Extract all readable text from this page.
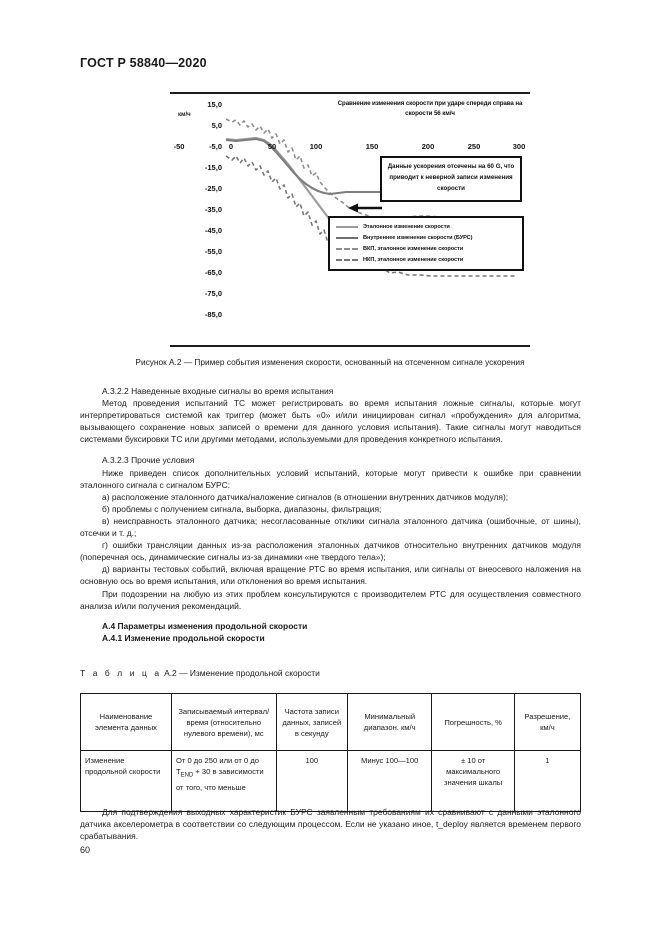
ГОСТ Р 58840—2020
Сравнение изменения скорости при ударе спереди справа на скорости 56 км/ч
км/ч
15,0
5,0
-5,0
-15,0
-25,0
-35,0
-45,0
-55,0
-65,0
-75,0
-85,0
-50	0	50	100	150	200	250	300
Данные ускорения отсечены на 60 G, что приводит к неверной записи изменения скорости
Эталонное изменение скорости
Внутреннее изменение скорости (БУРС)
ВКП, эталонное изменение скорости
НКП, эталонное изменение скорости
Рисунок А.2 — Пример события изменения скорости, основанный на отсеченном сигнале ускорения

А.3.2.2 Наведенные входные сигналы во время испытания

Метод проведения испытаний ТС может регистрировать во время испытания ложные сигналы, которые могут интерпретироваться системой как триггер (может быть «0» и/или инициирован сигнал «пробуждения» для алгоритма, вызывающего сохранение новых записей о времени для данного условия испытания). Такие сигналы могут наводиться системами буксировки ТС или другими методами, используемыми для проведения конкретного испытания.

А.3.2.3 Прочие условия

Ниже приведен список дополнительных условий испытаний, которые могут привести к ошибке при сравнении эталонного сигнала с сигналом БУРС:

а) расположение эталонного датчика/наложение сигналов (в отношении внутренних датчиков модуля);

б) проблемы с получением сигнала, выборка, диапазоны, фильтрация;

в) неисправность эталонного датчика; несогласованные отклики сигнала эталонного датчика (ошибочные, от шины), отсечки и т. д.;

г) ошибки трансляции данных из-за расположения эталонных датчиков относительно внутренних датчиков модуля (поперечная ось, динамические сигналы из-за динамики «не твердого тела»);

д) варианты тестовых событий, включая вращение РТС во время испытания, или сигналы от внеосевого наложения на основную ось во время испытания, или отклонения во время испытания.

При подозрении на любую из этих проблем консультируются с производителем РТС для осуществления совместного анализа и/или получения рекомендаций.

А.4 Параметры изменения продольной скорости

А.4.1 Изменение продольной скорости

Т а б л и ц а А.2 — Изменение продольной скорости
Наименование элемента данных	Записываемый интервал/ время (относительно нулевого времени), мс	Частота записи данных, записей в секунду	Минимальный диапазон. км/ч	Погрешность, %	Разрешение, км/ч
Изменение продольной скорости	От 0 до 250 или от 0 до $T_{END} + 30$ в зависимости от того, что меньше	100	Минус 100—100	± 10 от максимального значения шкалы	1

Для подтверждения выходных характеристик БУРС заявленным требованиям их сравнивают с данными эталонного датчика акселерометра в соответствии со следующим процессом. Если не указано иное, t_deploy является временем первого срабатывания.

60
